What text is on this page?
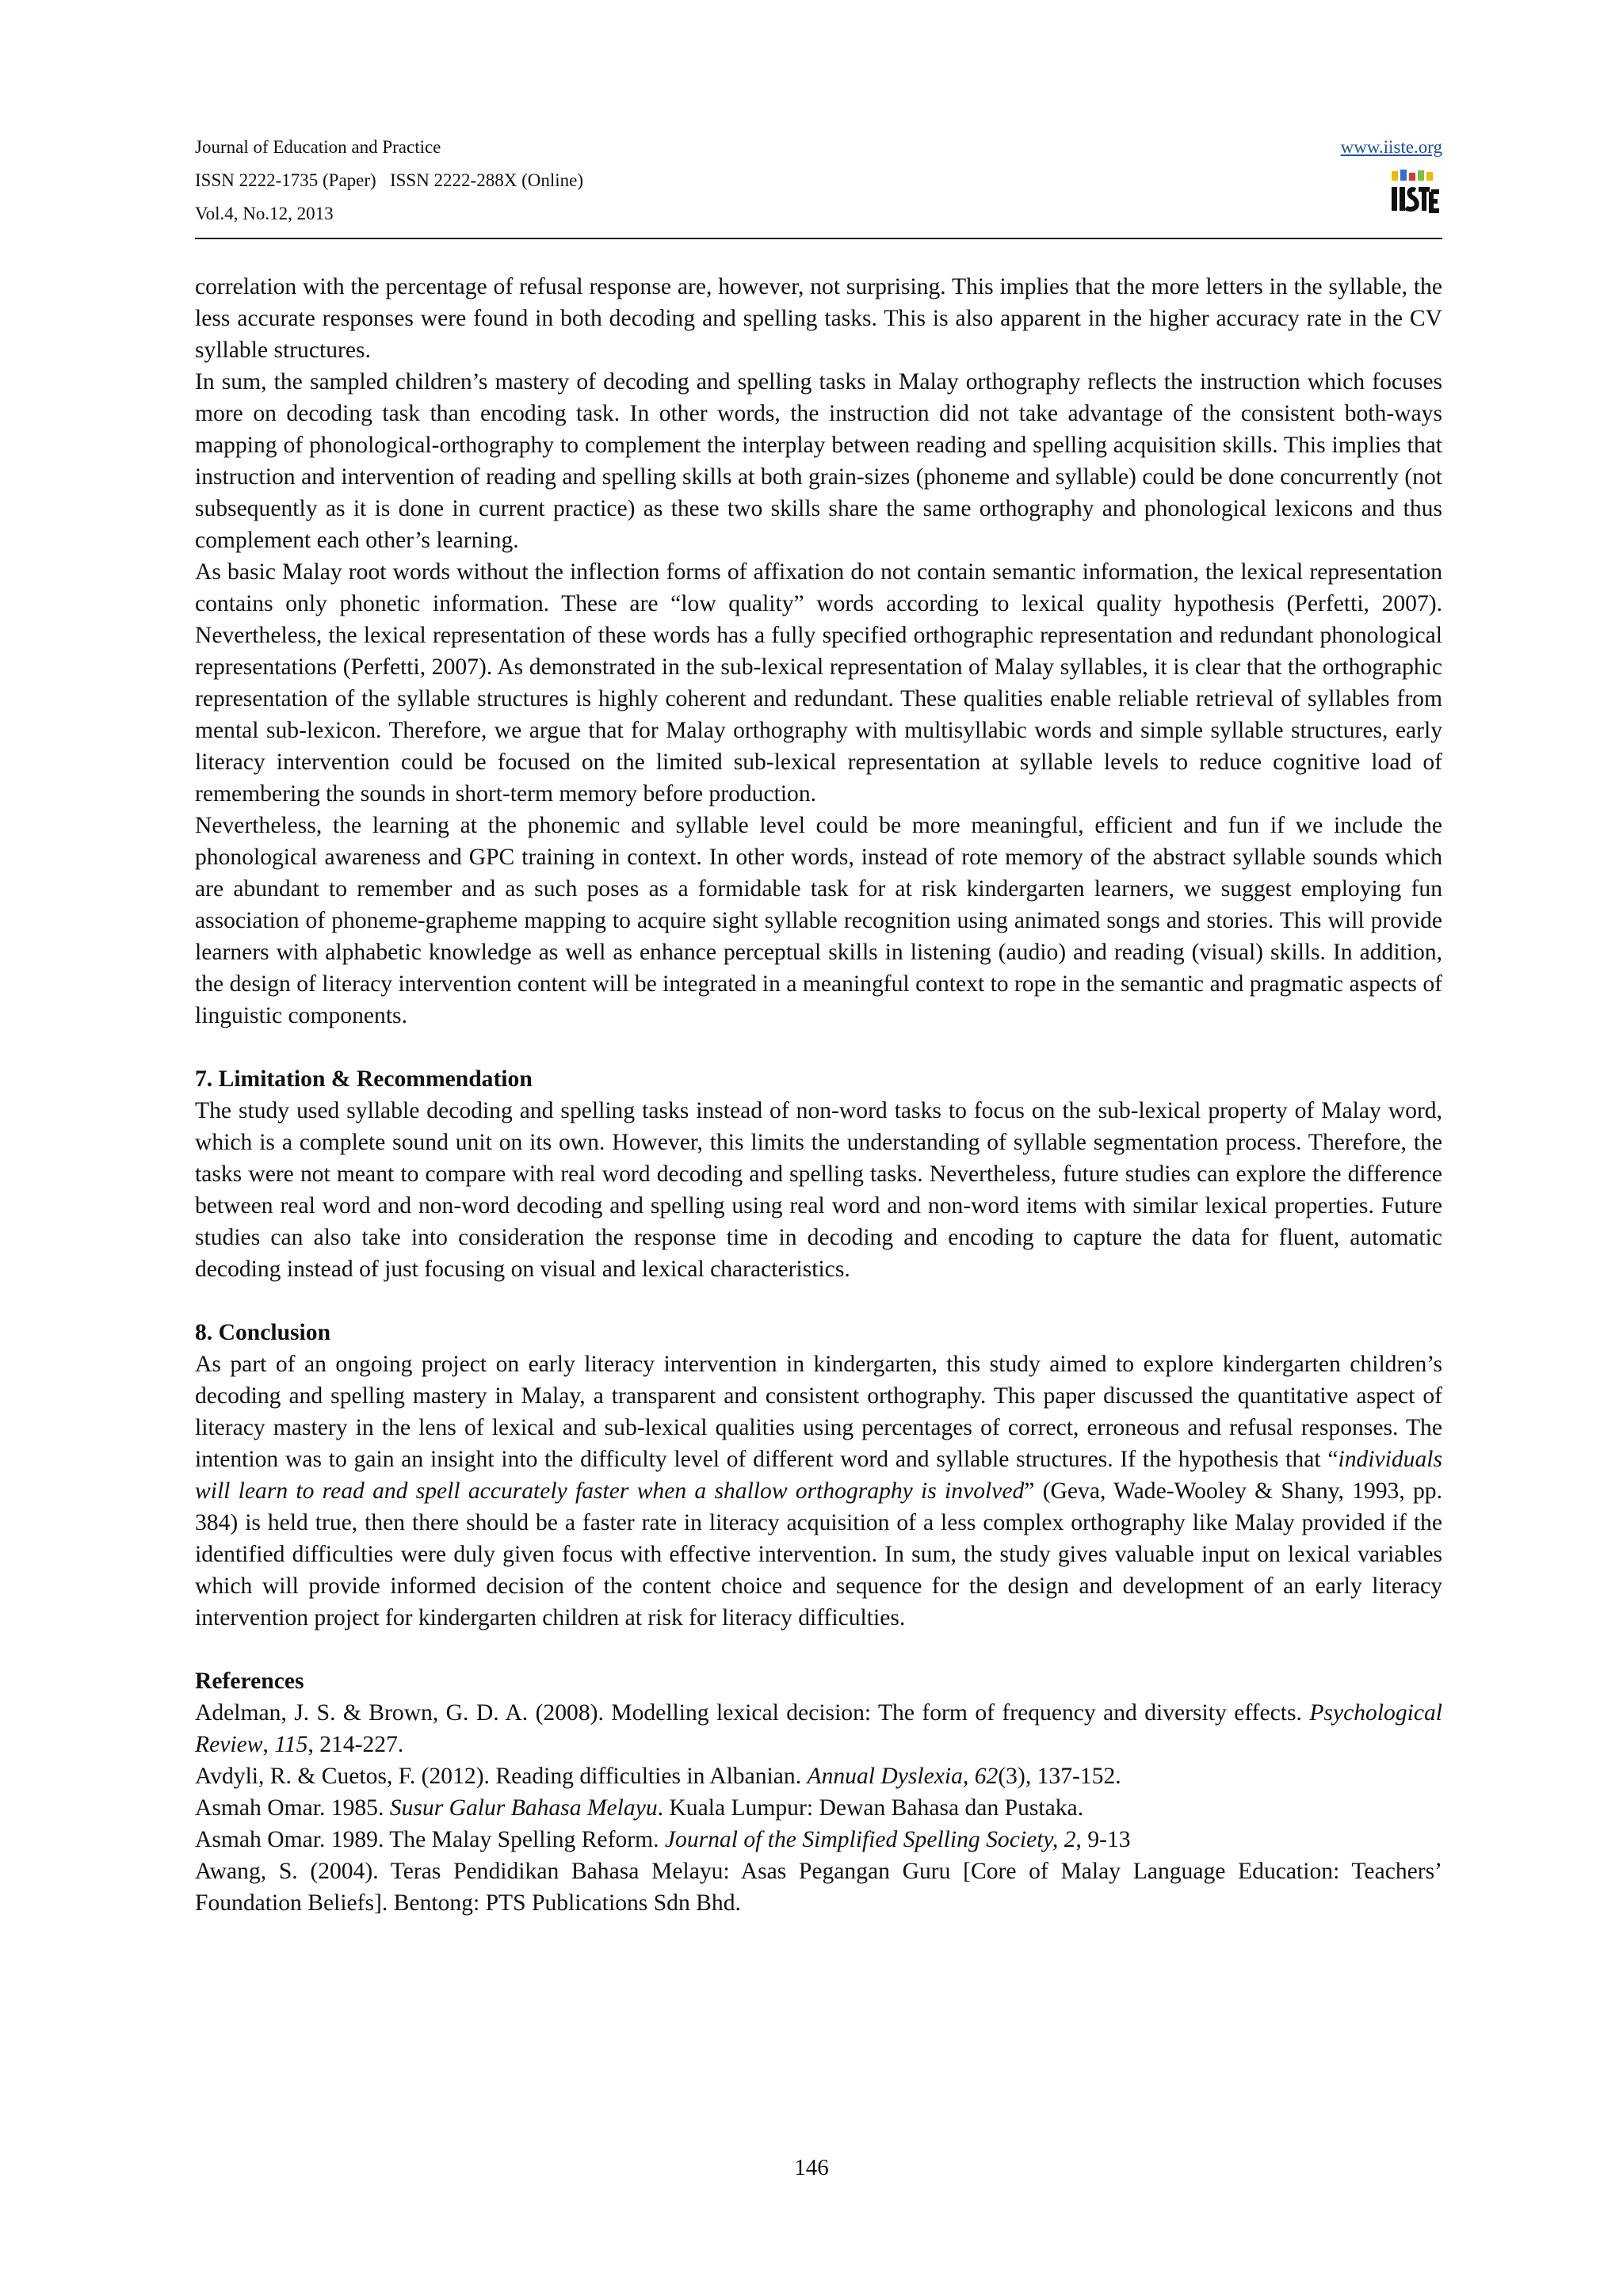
Journal of Education and Practice
ISSN 2222-1735 (Paper)   ISSN 2222-288X (Online)
Vol.4, No.12, 2013
www.iiste.org

correlation with the percentage of refusal response are, however, not surprising. This implies that the more letters in the syllable, the less accurate responses were found in both decoding and spelling tasks. This is also apparent in the higher accuracy rate in the CV syllable structures.

In sum, the sampled children’s mastery of decoding and spelling tasks in Malay orthography reflects the instruction which focuses more on decoding task than encoding task. In other words, the instruction did not take advantage of the consistent both-ways mapping of phonological-orthography to complement the interplay between reading and spelling acquisition skills. This implies that instruction and intervention of reading and spelling skills at both grain-sizes (phoneme and syllable) could be done concurrently (not subsequently as it is done in current practice) as these two skills share the same orthography and phonological lexicons and thus complement each other’s learning.

As basic Malay root words without the inflection forms of affixation do not contain semantic information, the lexical representation contains only phonetic information. These are “low quality” words according to lexical quality hypothesis (Perfetti, 2007). Nevertheless, the lexical representation of these words has a fully specified orthographic representation and redundant phonological representations (Perfetti, 2007). As demonstrated in the sub-lexical representation of Malay syllables, it is clear that the orthographic representation of the syllable structures is highly coherent and redundant. These qualities enable reliable retrieval of syllables from mental sub-lexicon. Therefore, we argue that for Malay orthography with multisyllabic words and simple syllable structures, early literacy intervention could be focused on the limited sub-lexical representation at syllable levels to reduce cognitive load of remembering the sounds in short-term memory before production.

Nevertheless, the learning at the phonemic and syllable level could be more meaningful, efficient and fun if we include the phonological awareness and GPC training in context. In other words, instead of rote memory of the abstract syllable sounds which are abundant to remember and as such poses as a formidable task for at risk kindergarten learners, we suggest employing fun association of phoneme-grapheme mapping to acquire sight syllable recognition using animated songs and stories. This will provide learners with alphabetic knowledge as well as enhance perceptual skills in listening (audio) and reading (visual) skills. In addition, the design of literacy intervention content will be integrated in a meaningful context to rope in the semantic and pragmatic aspects of linguistic components.

7. Limitation & Recommendation

The study used syllable decoding and spelling tasks instead of non-word tasks to focus on the sub-lexical property of Malay word, which is a complete sound unit on its own. However, this limits the understanding of syllable segmentation process. Therefore, the tasks were not meant to compare with real word decoding and spelling tasks. Nevertheless, future studies can explore the difference between real word and non-word decoding and spelling using real word and non-word items with similar lexical properties. Future studies can also take into consideration the response time in decoding and encoding to capture the data for fluent, automatic decoding instead of just focusing on visual and lexical characteristics.

8. Conclusion

As part of an ongoing project on early literacy intervention in kindergarten, this study aimed to explore kindergarten children’s decoding and spelling mastery in Malay, a transparent and consistent orthography. This paper discussed the quantitative aspect of literacy mastery in the lens of lexical and sub-lexical qualities using percentages of correct, erroneous and refusal responses. The intention was to gain an insight into the difficulty level of different word and syllable structures. If the hypothesis that “individuals will learn to read and spell accurately faster when a shallow orthography is involved” (Geva, Wade-Wooley & Shany, 1993, pp. 384) is held true, then there should be a faster rate in literacy acquisition of a less complex orthography like Malay provided if the identified difficulties were duly given focus with effective intervention. In sum, the study gives valuable input on lexical variables which will provide informed decision of the content choice and sequence for the design and development of an early literacy intervention project for kindergarten children at risk for literacy difficulties.

References

Adelman, J. S. & Brown, G. D. A. (2008). Modelling lexical decision: The form of frequency and diversity effects. Psychological Review, 115, 214-227.

Avdyli, R. & Cuetos, F. (2012). Reading difficulties in Albanian. Annual Dyslexia, 62(3), 137-152.

Asmah Omar. 1985. Susur Galur Bahasa Melayu. Kuala Lumpur: Dewan Bahasa dan Pustaka.

Asmah Omar. 1989. The Malay Spelling Reform. Journal of the Simplified Spelling Society, 2, 9-13

Awang, S. (2004). Teras Pendidikan Bahasa Melayu: Asas Pegangan Guru [Core of Malay Language Education: Teachers’ Foundation Beliefs]. Bentong: PTS Publications Sdn Bhd.

146
